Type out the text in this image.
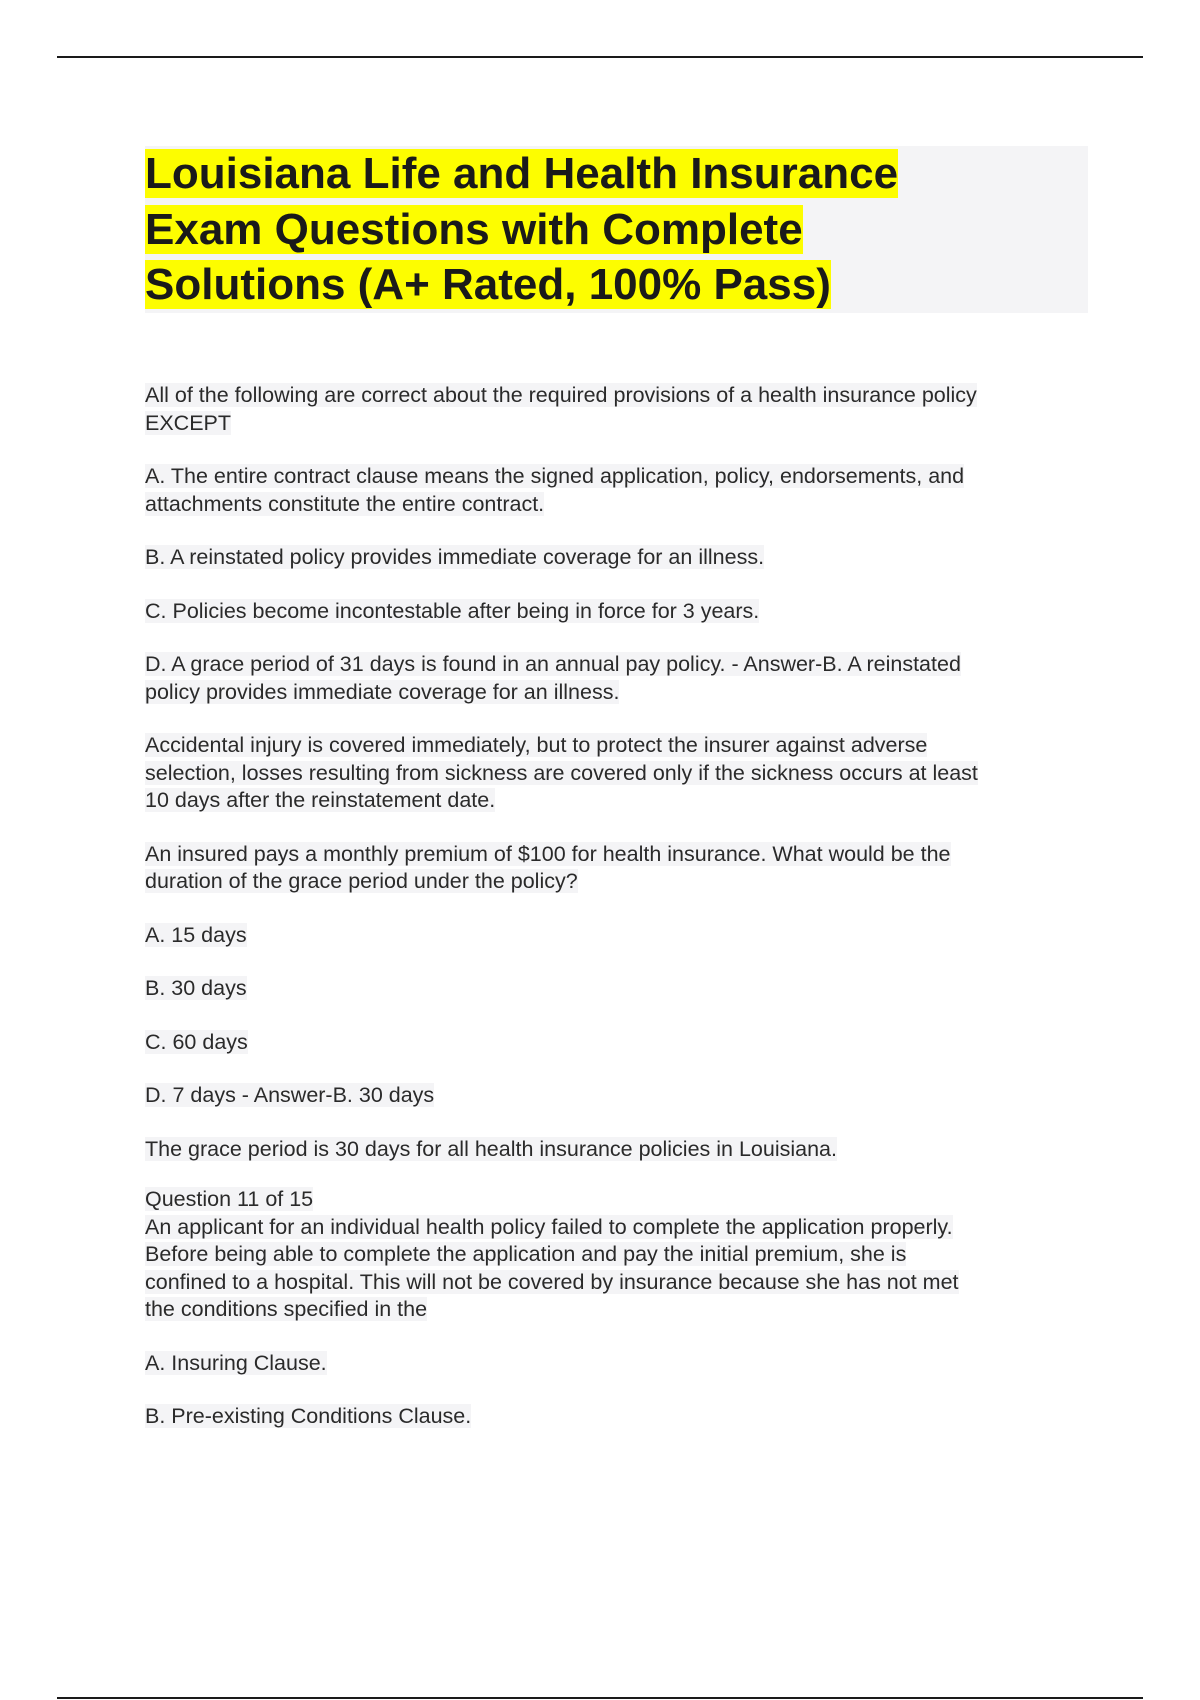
Louisiana Life and Health Insurance
Exam Questions with Complete
Solutions (A+ Rated, 100% Pass)
All of the following are correct about the required provisions of a health insurance policy
EXCEPT
A. The entire contract clause means the signed application, policy, endorsements, and
attachments constitute the entire contract.
B. A reinstated policy provides immediate coverage for an illness.
C. Policies become incontestable after being in force for 3 years.
D. A grace period of 31 days is found in an annual pay policy. - Answer-B. A reinstated
policy provides immediate coverage for an illness.
Accidental injury is covered immediately, but to protect the insurer against adverse
selection, losses resulting from sickness are covered only if the sickness occurs at least
10 days after the reinstatement date.
An insured pays a monthly premium of $100 for health insurance. What would be the
duration of the grace period under the policy?
A. 15 days
B. 30 days
C. 60 days
D. 7 days - Answer-B. 30 days
The grace period is 30 days for all health insurance policies in Louisiana.
Question 11 of 15
An applicant for an individual health policy failed to complete the application properly.
Before being able to complete the application and pay the initial premium, she is
confined to a hospital. This will not be covered by insurance because she has not met
the conditions specified in the
A. Insuring Clause.
B. Pre-existing Conditions Clause.
